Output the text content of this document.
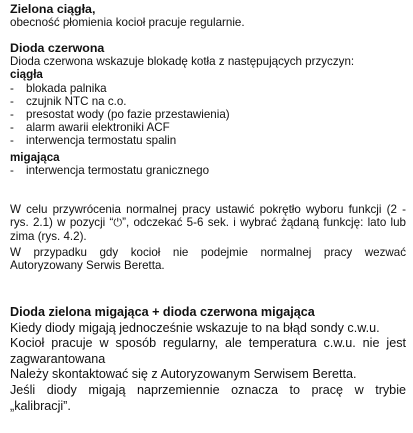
Zielona ciągła,
obecność płomienia kocioł pracuje regularnie.
Dioda czerwona
Dioda czerwona wskazuje blokadę kotła z następujących przyczyn:
ciągła
- blokada palnika
- czujnik NTC na c.o.
- presostat wody (po fazie przestawienia)
- alarm awarii elektroniki ACF
- interwencja termostatu spalin
migająca
- interwencja termostatu granicznego
W celu przywrócenia normalnej pracy ustawić pokrętło wyboru funkcji (2 - rys. 2.1) w pozycji “⏻”, odczekać 5-6 sek. i wybrać żądaną funkcję: lato lub zima (rys. 4.2).
W przypadku gdy kocioł nie podejmie normalnej pracy wezwać Autoryzowany Serwis Beretta.
Dioda zielona migająca + dioda czerwona migająca
Kiedy diody migają jednocześnie wskazuje to na błąd sondy c.w.u.
Kocioł pracuje w sposób regularny, ale temperatura c.w.u. nie jest zagwarantowana
Należy skontaktować się z Autoryzowanym Serwisem Beretta.
Jeśli diody migają naprzemiennie oznacza to pracę w trybie „kalibracji”.
